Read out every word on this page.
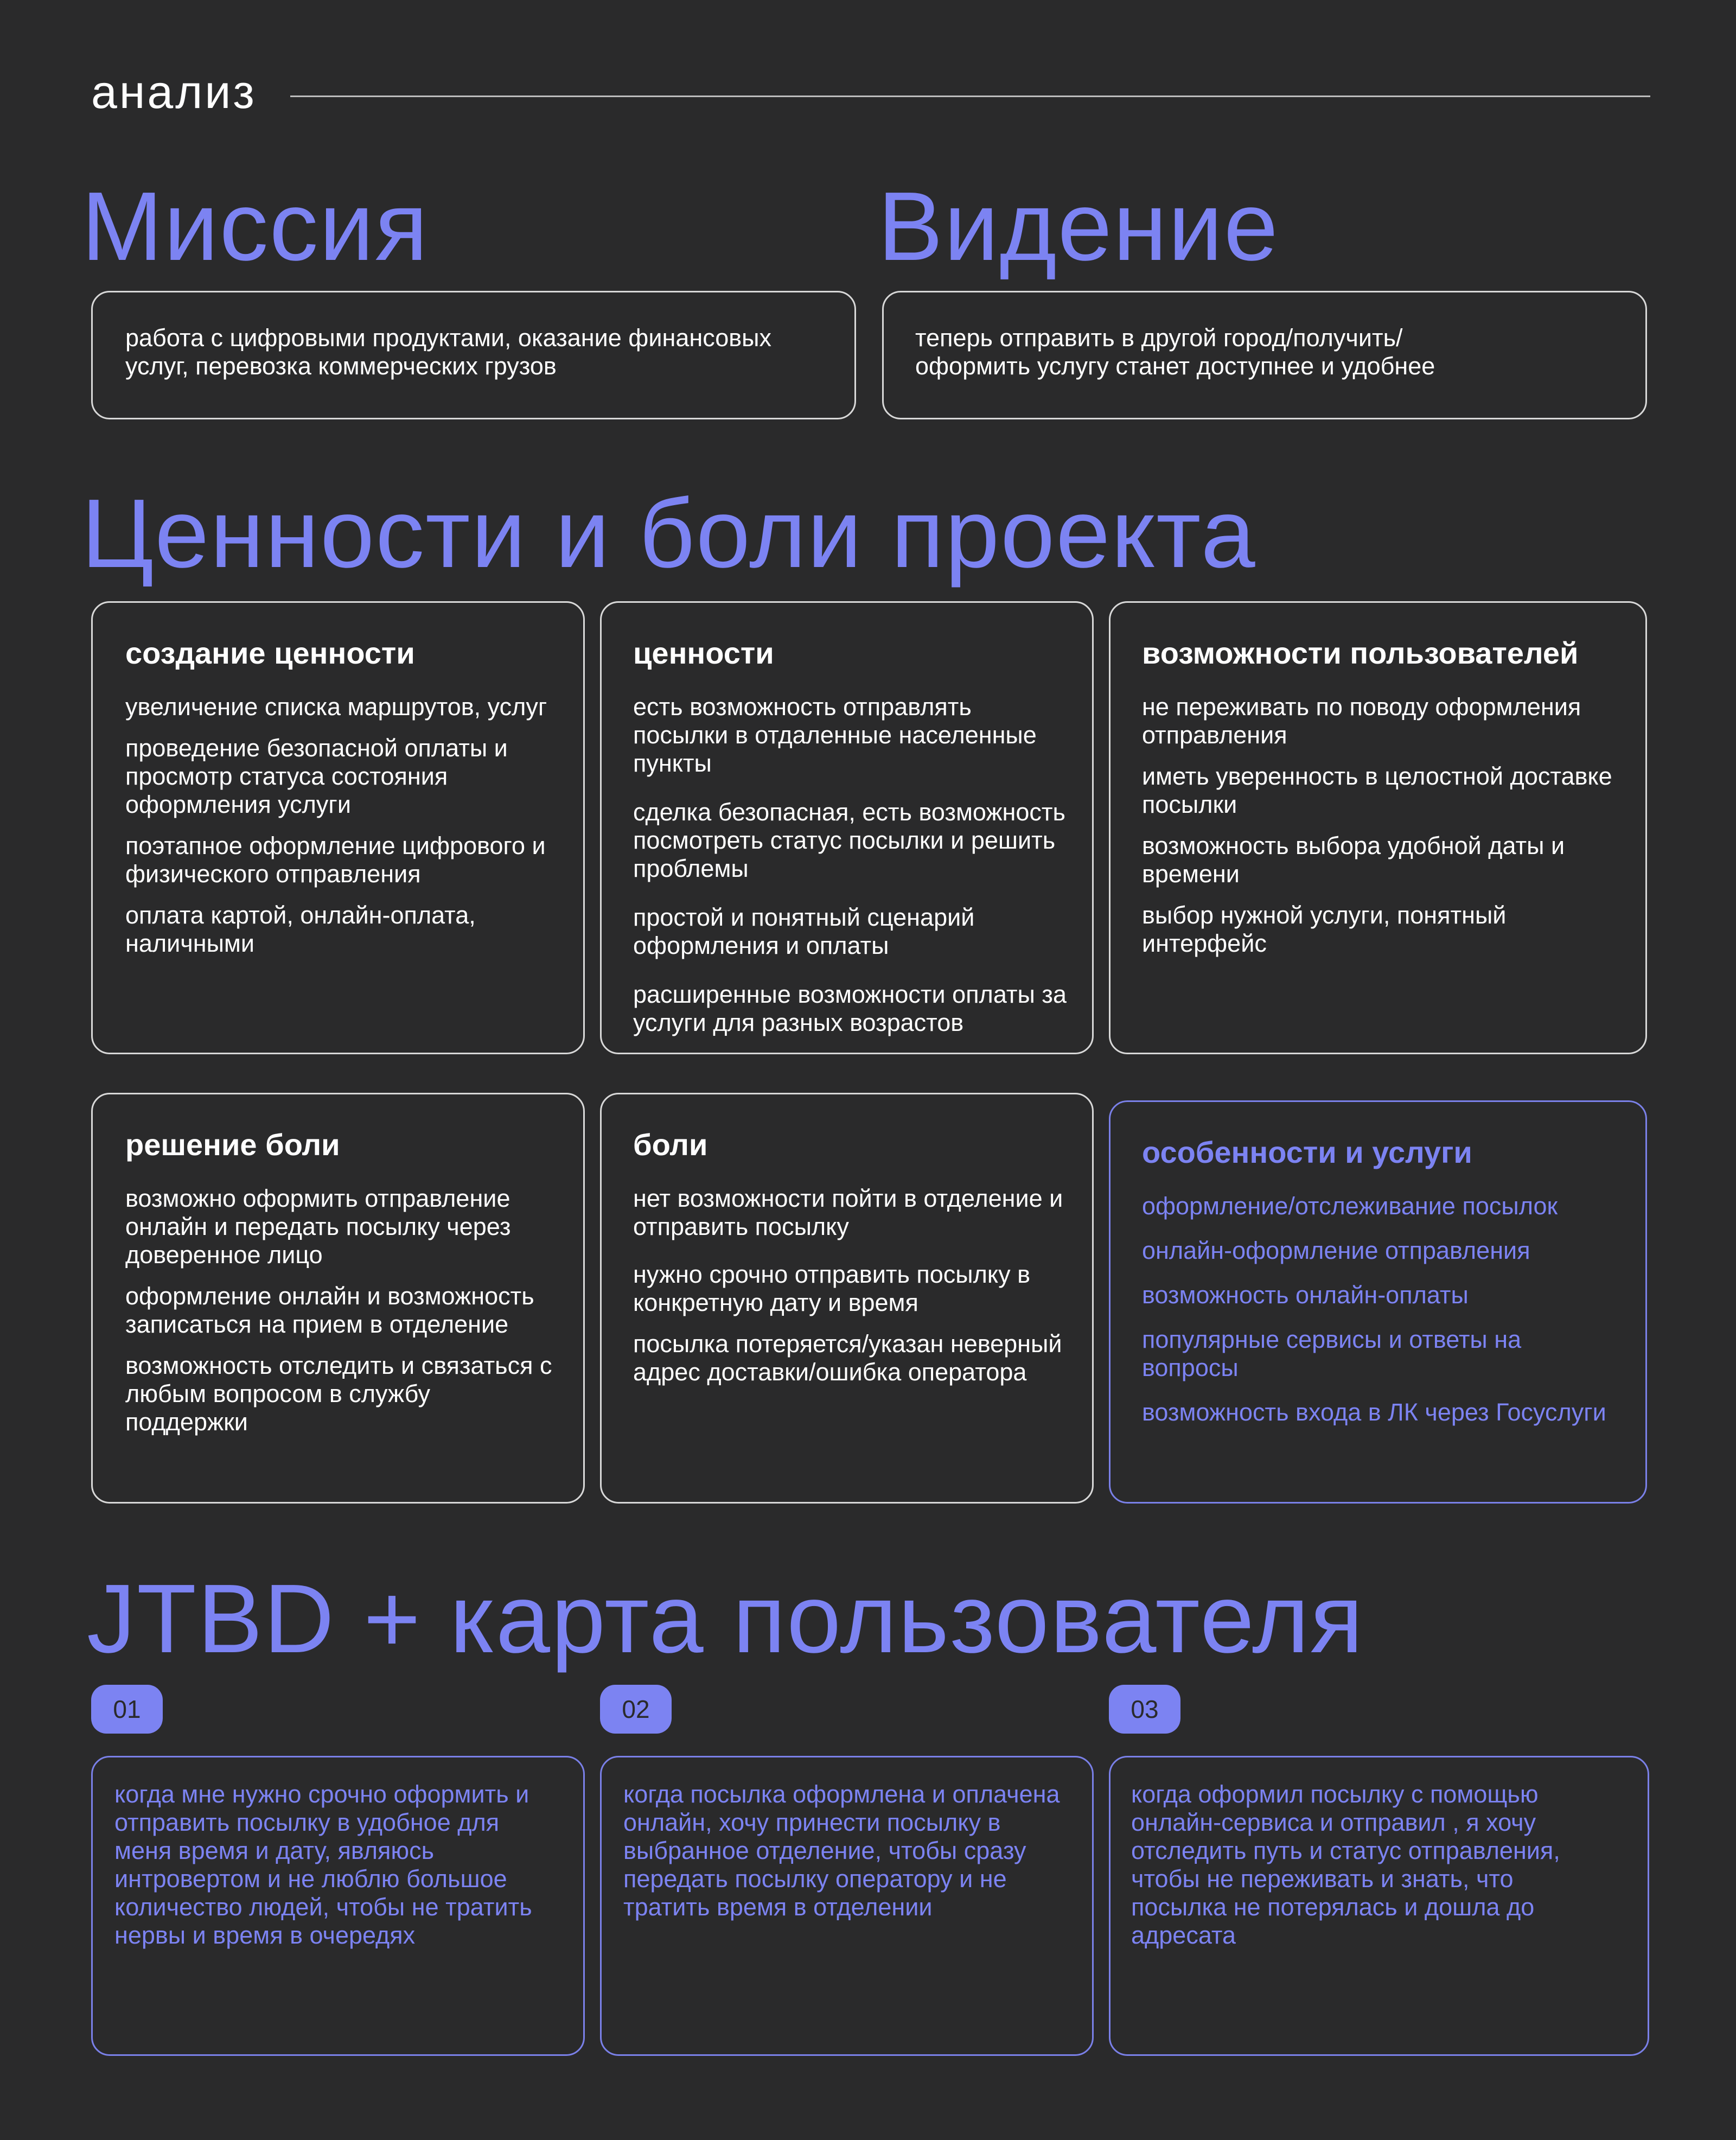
анализ
Миссия	Видение
работа с цифровыми продуктами, оказание финансовых услуг, перевозка коммерческих грузов
теперь отправить в другой город/получить/ оформить услугу станет доступнее и удобнее
Ценности и боли проекта
создание ценности
увеличение списка маршрутов, услуг
проведение безопасной оплаты и просмотр статуса состояния оформления услуги
поэтапное оформление цифрового и физического отправления
оплата картой, онлайн-оплата, наличными
ценности
есть возможность отправлять посылки в отдаленные населенные пункты
сделка безопасная, есть возможность посмотреть статус посылки и решить проблемы
простой и понятный сценарий оформления и оплаты
расширенные возможности оплаты за услуги для разных возрастов
возможности пользователей
не переживать по поводу оформления отправления
иметь уверенность в целостной доставке посылки
возможность выбора удобной даты и времени
выбор нужной услуги, понятный интерфейс
решение боли
возможно оформить отправление онлайн и передать посылку через доверенное лицо
оформление онлайн и возможность записаться на прием в отделение
возможность отследить и связаться с любым вопросом в службу поддержки
боли
нет возможности пойти в отделение и отправить посылку
нужно срочно отправить посылку в конкретную дату и время
посылка потеряется/указан неверный адрес доставки/ошибка оператора
особенности и услуги
оформление/отслеживание посылок
онлайн-оформление отправления
возможность онлайн-оплаты
популярные сервисы и ответы на вопросы
возможность входа в ЛК через Госуслуги
JTBD + карта пользователя
01	02	03
когда мне нужно срочно оформить и отправить посылку в удобное для меня время и дату, являюсь интровертом и не люблю большое количество людей, чтобы не тратить нервы и время в очередях
когда посылка оформлена и оплачена онлайн, хочу принести посылку в выбранное отделение, чтобы сразу передать посылку оператору и не тратить время в отделении
когда оформил посылку с помощью онлайн-сервиса и отправил , я хочу отследить путь и статус отправления, чтобы не переживать и знать, что посылка не потерялась и дошла до адресата
